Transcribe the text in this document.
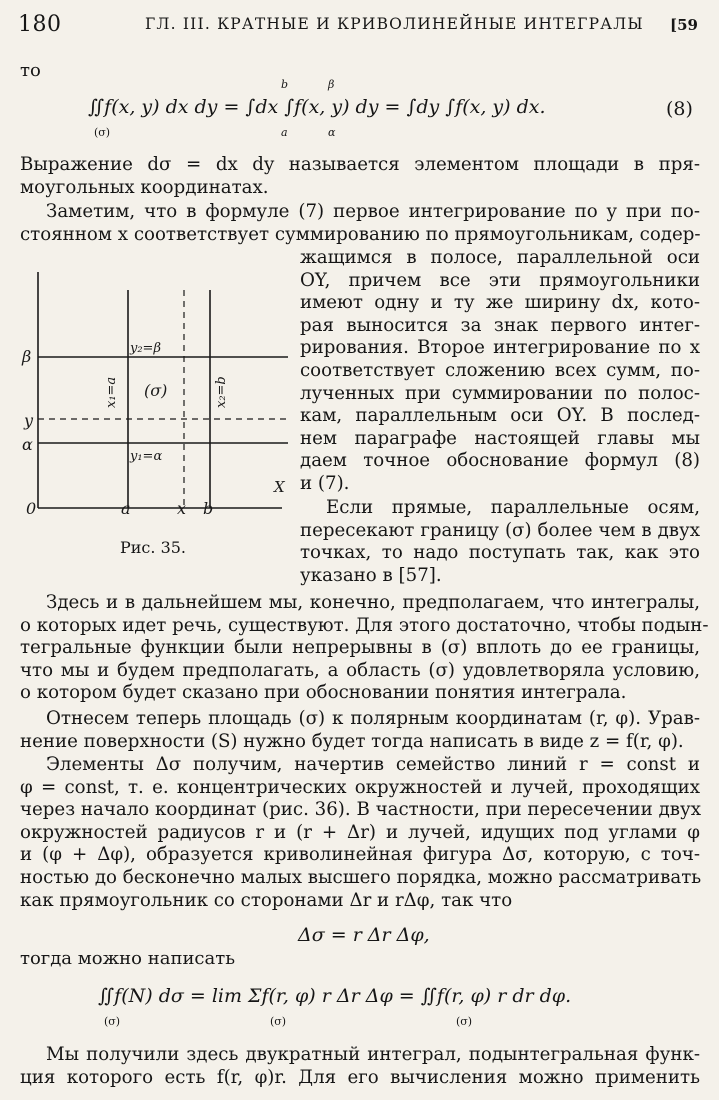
180	ГЛ. III. КРАТНЫЕ И КРИВОЛИНЕЙНЫЕ ИНТЕГРАЛЫ [59
то
∬f(x, y) dx dy = ∫dx ∫f(x, y) dy = ∫dy ∫f(x, y) dx.
(σ)
b
a
β
α
(8)
Выражение dσ = dx dy называется элементом площади в пря-
моугольных координатах.
Заметим, что в формуле (7) первое интегрирование по y при по-
стоянном x соответствует суммированию по прямоугольникам, содер-
жащимся в полосе, параллельной оси
OY, причем все эти прямоугольники
имеют одну и ту же ширину dx, кото-
рая выносится за знак первого интег-
рирования. Второе интегрирование по x
соответствует сложению всех сумм, по-
лученных при суммировании по полос-
кам, параллельным оси OY. В послед-
нем параграфе настоящей главы мы
даем точное обоснование формул (8)
и (7).
Если прямые, параллельные осям,
пересекают границу (σ) более чем в двух
точках, то надо поступать так, как это
указано в [57].
β
y
α
0	a	x b
X
y₂=β
y₁=α
(σ)
x₁=a	x₂=b
Рис. 35.
Здесь и в дальнейшем мы, конечно, предполагаем, что интегралы,
о которых идет речь, существуют. Для этого достаточно, чтобы подын-
тегральные функции были непрерывны в (σ) вплоть до ее границы,
что мы и будем предполагать, а область (σ) удовлетворяла условию,
о котором будет сказано при обосновании понятия интеграла.
Отнесем теперь площадь (σ) к полярным координатам (r, φ). Урав-
нение поверхности (S) нужно будет тогда написать в виде z = f(r, φ).
Элементы Δσ получим, начертив семейство линий r = const и
φ = const, т. е. концентрических окружностей и лучей, проходящих
через начало координат (рис. 36). В частности, при пересечении двух
окружностей радиусов r и (r + Δr) и лучей, идущих под углами φ
и (φ + Δφ), образуется криволинейная фигура Δσ, которую, с точ-
ностью до бесконечно малых высшего порядка, можно рассматривать
как прямоугольник со сторонами Δr и rΔφ, так что
Δσ = r Δr Δφ,
тогда можно написать
∬f(N) dσ = lim Σf(r, φ) r Δr Δφ = ∬f(r, φ) r dr dφ.
(σ)	(σ)	(σ)
Мы получили здесь двукратный интеграл, подынтегральная функ-
ция которого есть f(r, φ)r. Для его вычисления можно применить
